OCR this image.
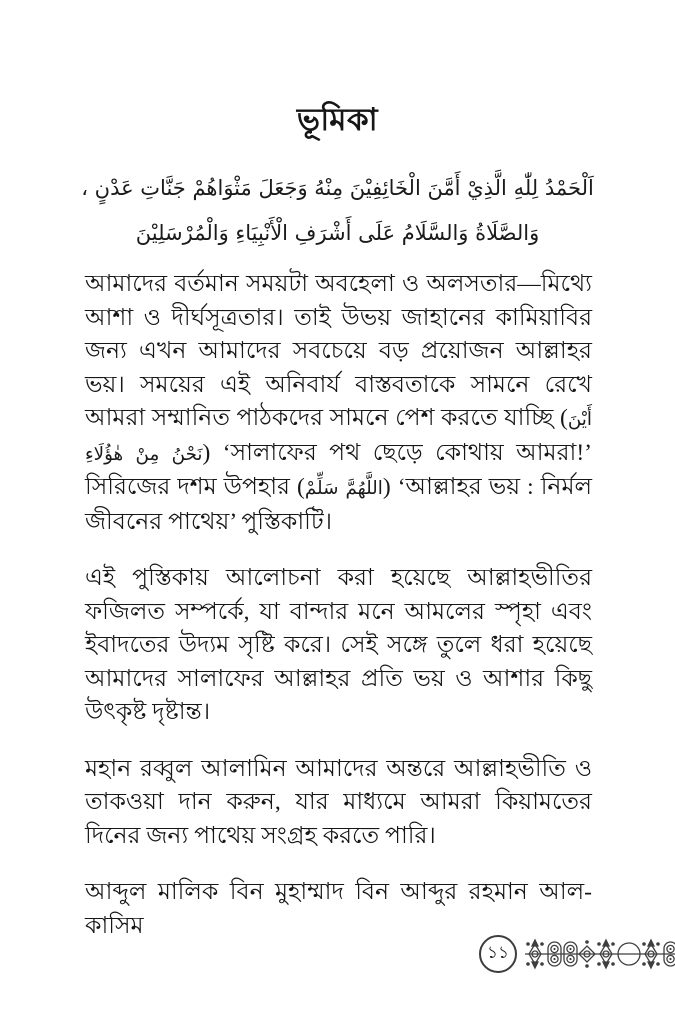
ভূমিকা
اَلْحَمْدُ لِلّٰهِ الَّذِيْ أَمَّنَ الْخَائِفِيْنَ مِنْهُ وَجَعَلَ مَثْوَاهُمْ جَنَّاتِ عَدْنٍ ،
وَالصَّلَاةُ وَالسَّلَامُ عَلَى أَشْرَفِ الْأَنْبِيَاءِ وَالْمُرْسَلِيْنَ

আমাদের বর্তমান সময়টা অবহেলা ও অলসতার—মিথ্যে আশা ও দীর্ঘসূত্রতার। তাই উভয় জাহানের কামিয়াবির জন্য এখন আমাদের সবচেয়ে বড় প্রয়োজন আল্লাহর ভয়। সময়ের এই অনিবার্য বাস্তবতাকে সামনে রেখে আমরা সম্মানিত পাঠকদের সামনে পেশ করতে যাচ্ছি (أَيْنَ نَحْنُ مِنْ هٰؤُلَاءِ) ‘সালাফের পথ ছেড়ে কোথায় আমরা!’ সিরিজের দশম উপহার (اللَّهُمَّ سَلِّمْ) ‘আল্লাহর ভয় : নির্মল জীবনের পাথেয়’ পুস্তিকাটি।

এই পুস্তিকায় আলোচনা করা হয়েছে আল্লাহভীতির ফজিলত সম্পর্কে, যা বান্দার মনে আমলের স্পৃহা এবং ইবাদতের উদ্যম সৃষ্টি করে। সেই সঙ্গে তুলে ধরা হয়েছে আমাদের সালাফের আল্লাহর প্রতি ভয় ও আশার কিছু উৎকৃষ্ট দৃষ্টান্ত।

মহান রব্বুল আলামিন আমাদের অন্তরে আল্লাহভীতি ও তাকওয়া দান করুন, যার মাধ্যমে আমরা কিয়ামতের দিনের জন্য পাথেয় সংগ্রহ করতে পারি।

আব্দুল মালিক বিন মুহাম্মাদ বিন আব্দুর রহমান আল-কাসিম

১১
